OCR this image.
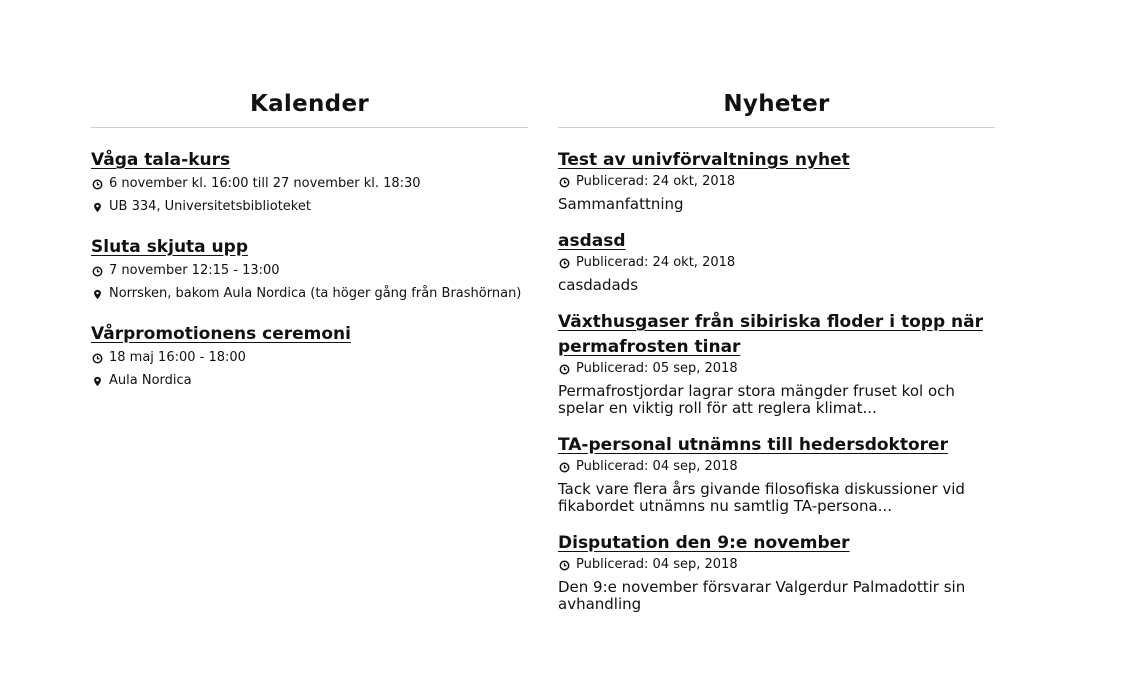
Kalender
Våga tala-kurs
6 november kl. 16:00 till 27 november kl. 18:30
UB 334, Universitetsbiblioteket
Sluta skjuta upp
7 november 12:15 - 13:00
Norrsken, bakom Aula Nordica (ta höger gång från Brashörnan)
Vårpromotionens ceremoni
18 maj 16:00 - 18:00
Aula Nordica
Nyheter
Test av univförvaltnings nyhet
Publicerad: 24 okt, 2018
Sammanfattning
asdasd
Publicerad: 24 okt, 2018
casdadads
Växthusgaser från sibiriska floder i topp när permafrosten tinar
Publicerad: 05 sep, 2018
Permafrostjordar lagrar stora mängder fruset kol och spelar en viktig roll för att reglera klimat...
TA-personal utnämns till hedersdoktorer
Publicerad: 04 sep, 2018
Tack vare flera års givande filosofiska diskussioner vid fikabordet utnämns nu samtlig TA-persona...
Disputation den 9:e november
Publicerad: 04 sep, 2018
Den 9:e november försvarar Valgerdur Palmadottir sin avhandling
